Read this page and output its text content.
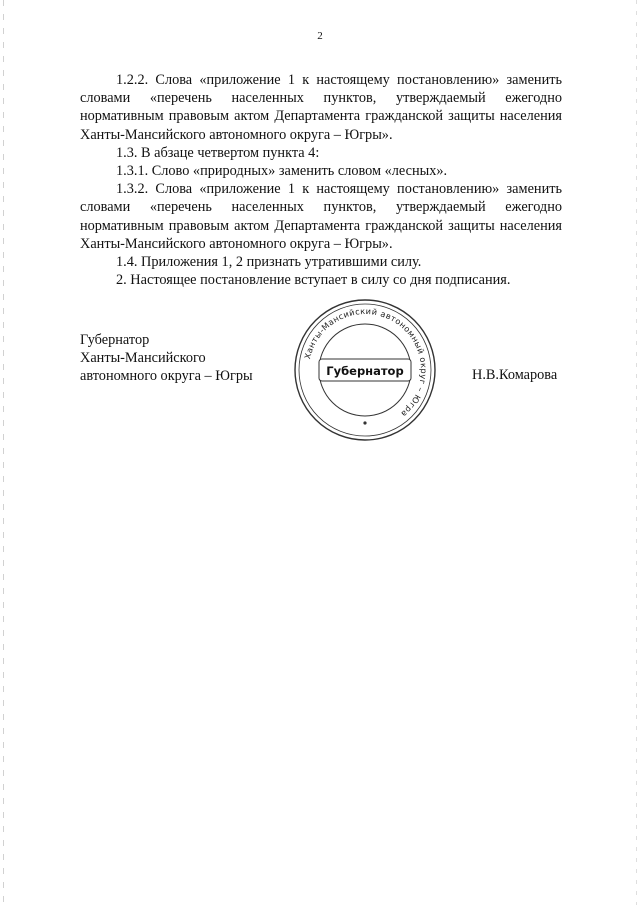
2

1.2.2. Слова «приложение 1 к настоящему постановлению» заменить словами «перечень населенных пунктов, утверждаемый ежегодно нормативным правовым актом Департамента гражданской защиты населения Ханты-Мансийского автономного округа – Югры».

1.3. В абзаце четвертом пункта 4:

1.3.1. Слово «природных» заменить словом «лесных».

1.3.2. Слова «приложение 1 к настоящему постановлению» заменить словами «перечень населенных пунктов, утверждаемый ежегодно нормативным правовым актом Департамента гражданской защиты населения Ханты-Мансийского автономного округа – Югры».

1.4. Приложения 1, 2 признать утратившими силу.

2. Настоящее постановление вступает в силу со дня подписания.

Губернатор
Ханты-Мансийского
автономного округа – Югры
Ханты-Мансийский автономный округ – Югра
Губернатор	Н.В.Комарова
